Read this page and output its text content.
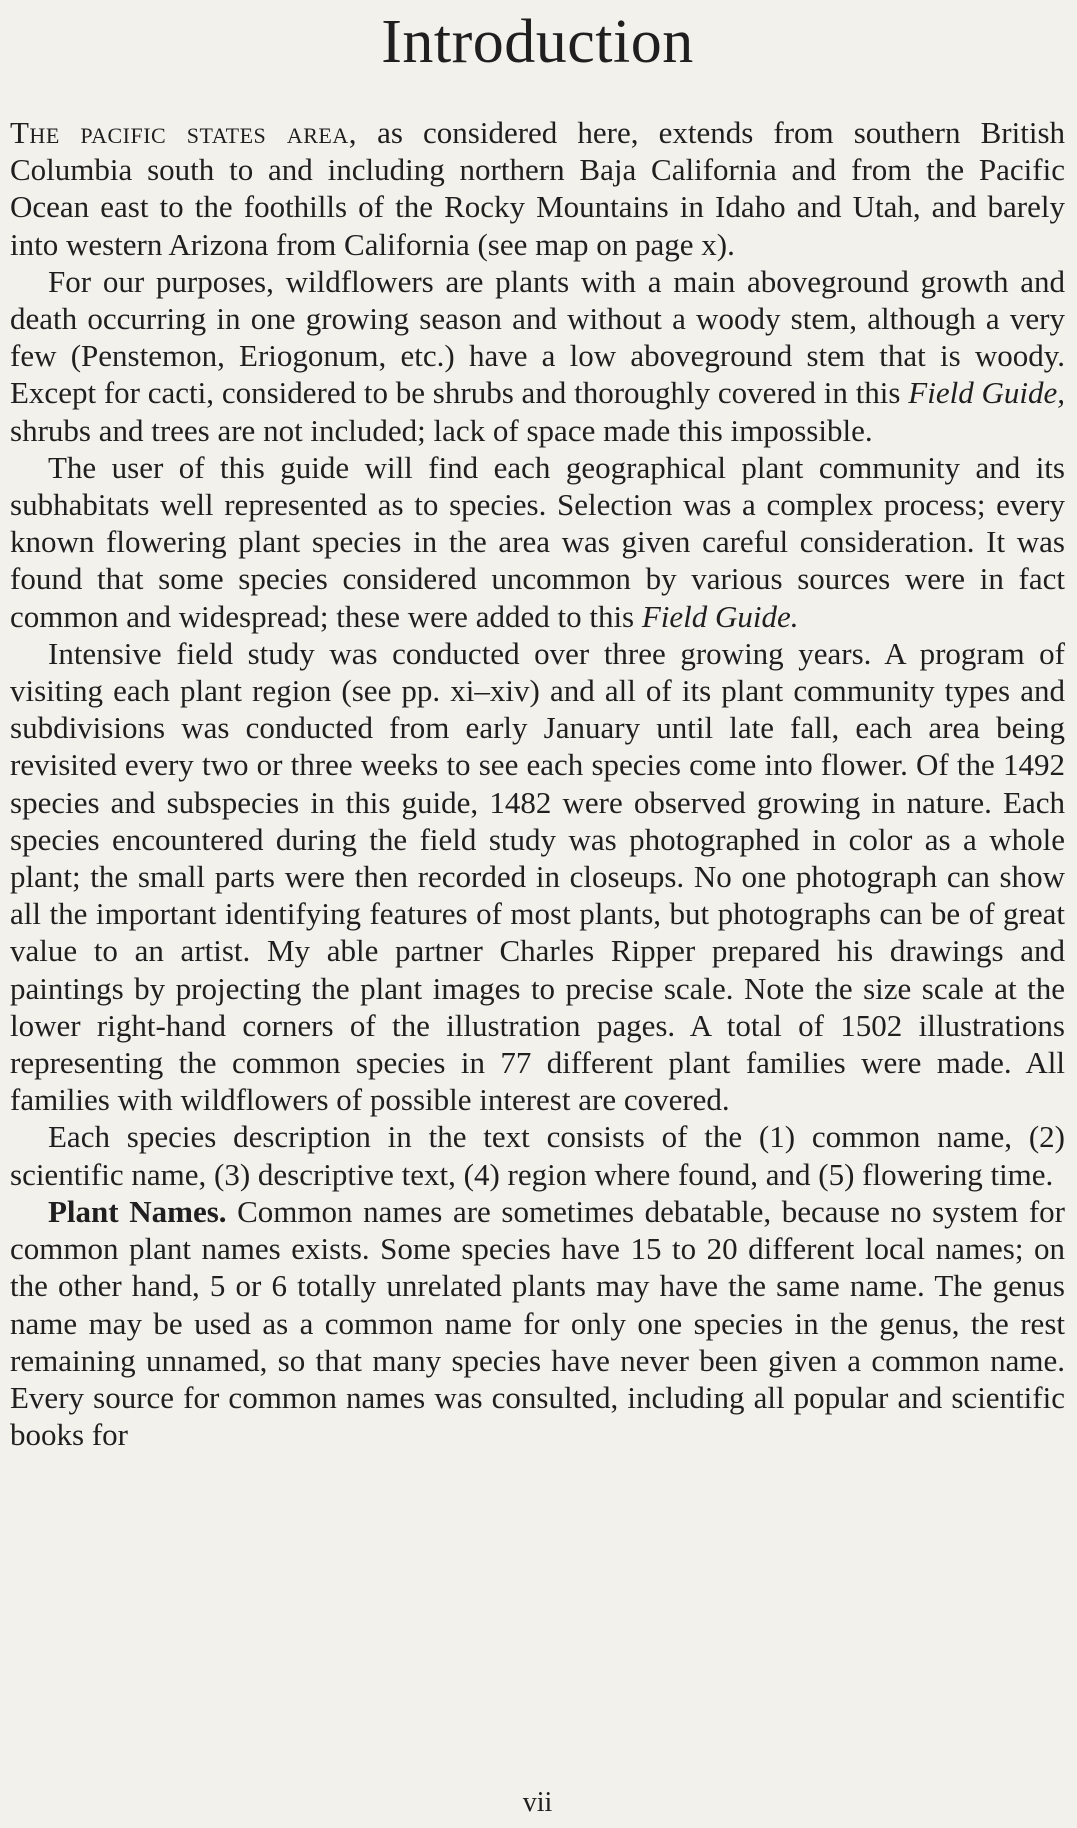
Introduction

The pacific states area, as considered here, extends from southern British Columbia south to and including northern Baja California and from the Pacific Ocean east to the foothills of the Rocky Mountains in Idaho and Utah, and barely into western Arizona from California (see map on page x).

For our purposes, wildflowers are plants with a main aboveground growth and death occurring in one growing season and without a woody stem, although a very few (Penstemon, Eriogonum, etc.) have a low aboveground stem that is woody. Except for cacti, considered to be shrubs and thoroughly covered in this Field Guide, shrubs and trees are not included; lack of space made this impossible.

The user of this guide will find each geographical plant community and its subhabitats well represented as to species. Selection was a complex process; every known flowering plant species in the area was given careful consideration. It was found that some species considered uncommon by various sources were in fact common and widespread; these were added to this Field Guide.

Intensive field study was conducted over three growing years. A program of visiting each plant region (see pp. xi–xiv) and all of its plant community types and subdivisions was conducted from early January until late fall, each area being revisited every two or three weeks to see each species come into flower. Of the 1492 species and subspecies in this guide, 1482 were observed growing in nature. Each species encountered during the field study was photographed in color as a whole plant; the small parts were then recorded in closeups. No one photograph can show all the important identifying features of most plants, but photographs can be of great value to an artist. My able partner Charles Ripper prepared his drawings and paintings by projecting the plant images to precise scale. Note the size scale at the lower right-hand corners of the illustration pages. A total of 1502 illustrations representing the common species in 77 different plant families were made. All families with wildflowers of possible interest are covered.

Each species description in the text consists of the (1) common name, (2) scientific name, (3) descriptive text, (4) region where found, and (5) flowering time.

Plant Names. Common names are sometimes debatable, because no system for common plant names exists. Some species have 15 to 20 different local names; on the other hand, 5 or 6 totally unrelated plants may have the same name. The genus name may be used as a common name for only one species in the genus, the rest remaining unnamed, so that many species have never been given a common name. Every source for common names was consulted, including all popular and scientific books for

vii
